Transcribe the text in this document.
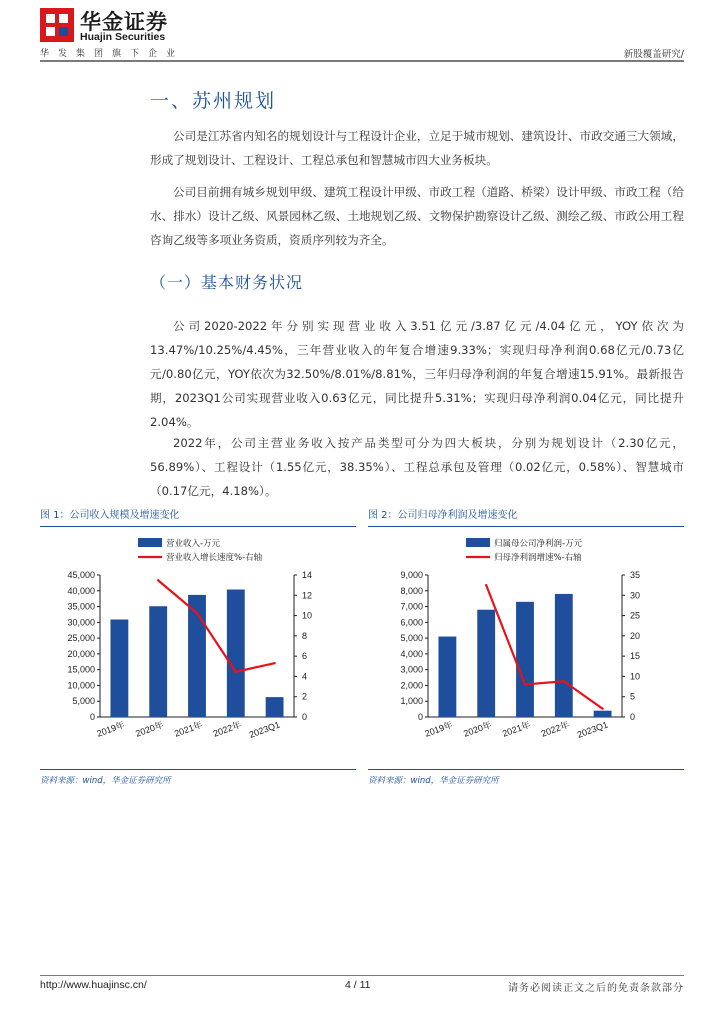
华金证券
Huajin Securities
华发集团旗下企业	新股覆盖研究/
一、苏州规划

公司是江苏省内知名的规划设计与工程设计企业，立足于城市规划、建筑设计、市政交通三大领域，形成了规划设计、工程设计、工程总承包和智慧城市四大业务板块。

公司目前拥有城乡规划甲级、建筑工程设计甲级、市政工程（道路、桥梁）设计甲级、市政工程（给水、排水）设计乙级、风景园林乙级、土地规划乙级、文物保护勘察设计乙级、测绘乙级、市政公用工程咨询乙级等多项业务资质，资质序列较为齐全。

（一）基本财务状况

公司2020-2022年分别实现营业收入3.51亿元/3.87亿元/4.04亿元，YOY依次为13.47%/10.25%/4.45%，三年营业收入的年复合增速9.33%；实现归母净利润0.68亿元/0.73亿元/0.80亿元，YOY依次为32.50%/8.01%/8.81%，三年归母净利润的年复合增速15.91%。最新报告期，2023Q1公司实现营业收入0.63亿元，同比提升5.31%；实现归母净利润0.04亿元，同比提升2.04%。

2022年，公司主营业务收入按产品类型可分为四大板块，分别为规划设计（2.30亿元，56.89%）、工程设计（1.55亿元，38.35%）、工程总承包及管理（0.02亿元，0.58%）、智慧城市（0.17亿元，4.18%）。

图 1：公司收入规模及增速变化
0
5,000
10,000
15,000
20,000
25,000
30,000
35,000
40,000
45,000
0
2
4
6
8
10
12
14
2019年 2020年 2021年 2022年 2023Q1
营业收入-万元
营业收入增长速度%-右轴
资料来源：wind，华金证券研究所
图 2：公司归母净利润及增速变化
0
1,000
2,000
3,000
4,000
5,000
6,000
7,000
8,000
9,000
0
5
10
15
20
25
30
35
2019年 2020年 2021年 2022年 2023Q1
归属母公司净利润-万元
归母净利润增速%-右轴
资料来源：wind，华金证券研究所
http://www.huajinsc.cn/	4 / 11	请务必阅读正文之后的免责条款部分
